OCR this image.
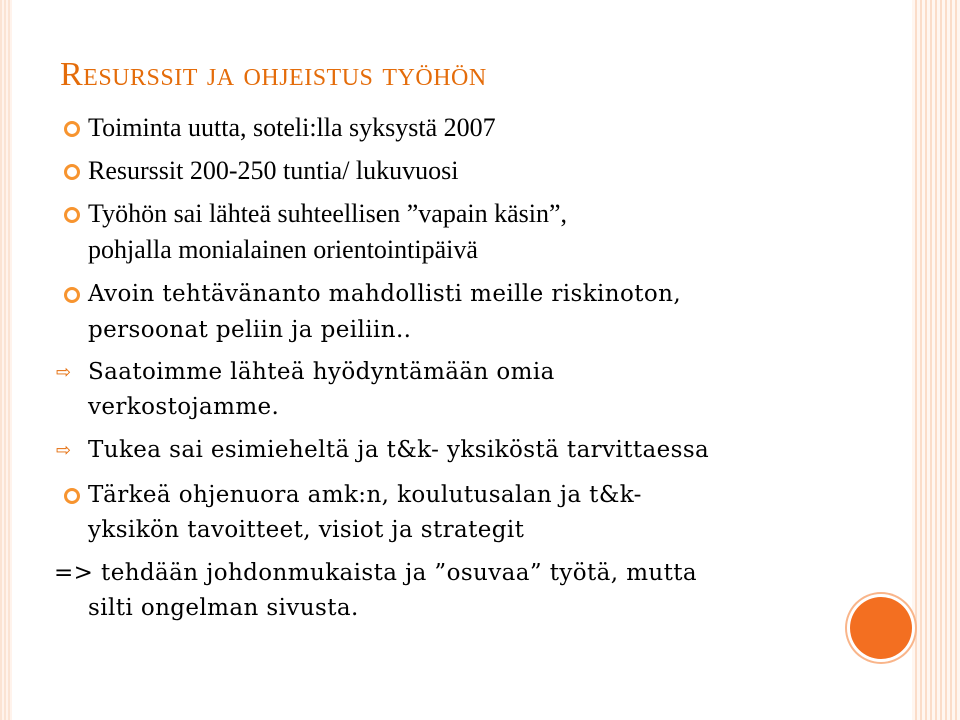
Resurssit ja ohjeistus työhön
Toiminta uutta, soteli:lla syksystä 2007
Resurssit 200-250 tuntia/ lukuvuosi
Työhön sai lähteä suhteellisen ”vapain käsin”,
pohjalla monialainen orientointipäivä
Avoin tehtävänanto mahdollisti meille riskinoton,
persoonat peliin ja peiliin..
⇨ Saatoimme lähteä hyödyntämään omia
verkostojamme.
⇨ Tukea sai esimieheltä ja t&k- yksiköstä tarvittaessa
Tärkeä ohjenuora amk:n, koulutusalan ja t&k-
yksikön tavoitteet, visiot ja strategit
=> tehdään johdonmukaista ja ”osuvaa” työtä, mutta
silti ongelman sivusta.
